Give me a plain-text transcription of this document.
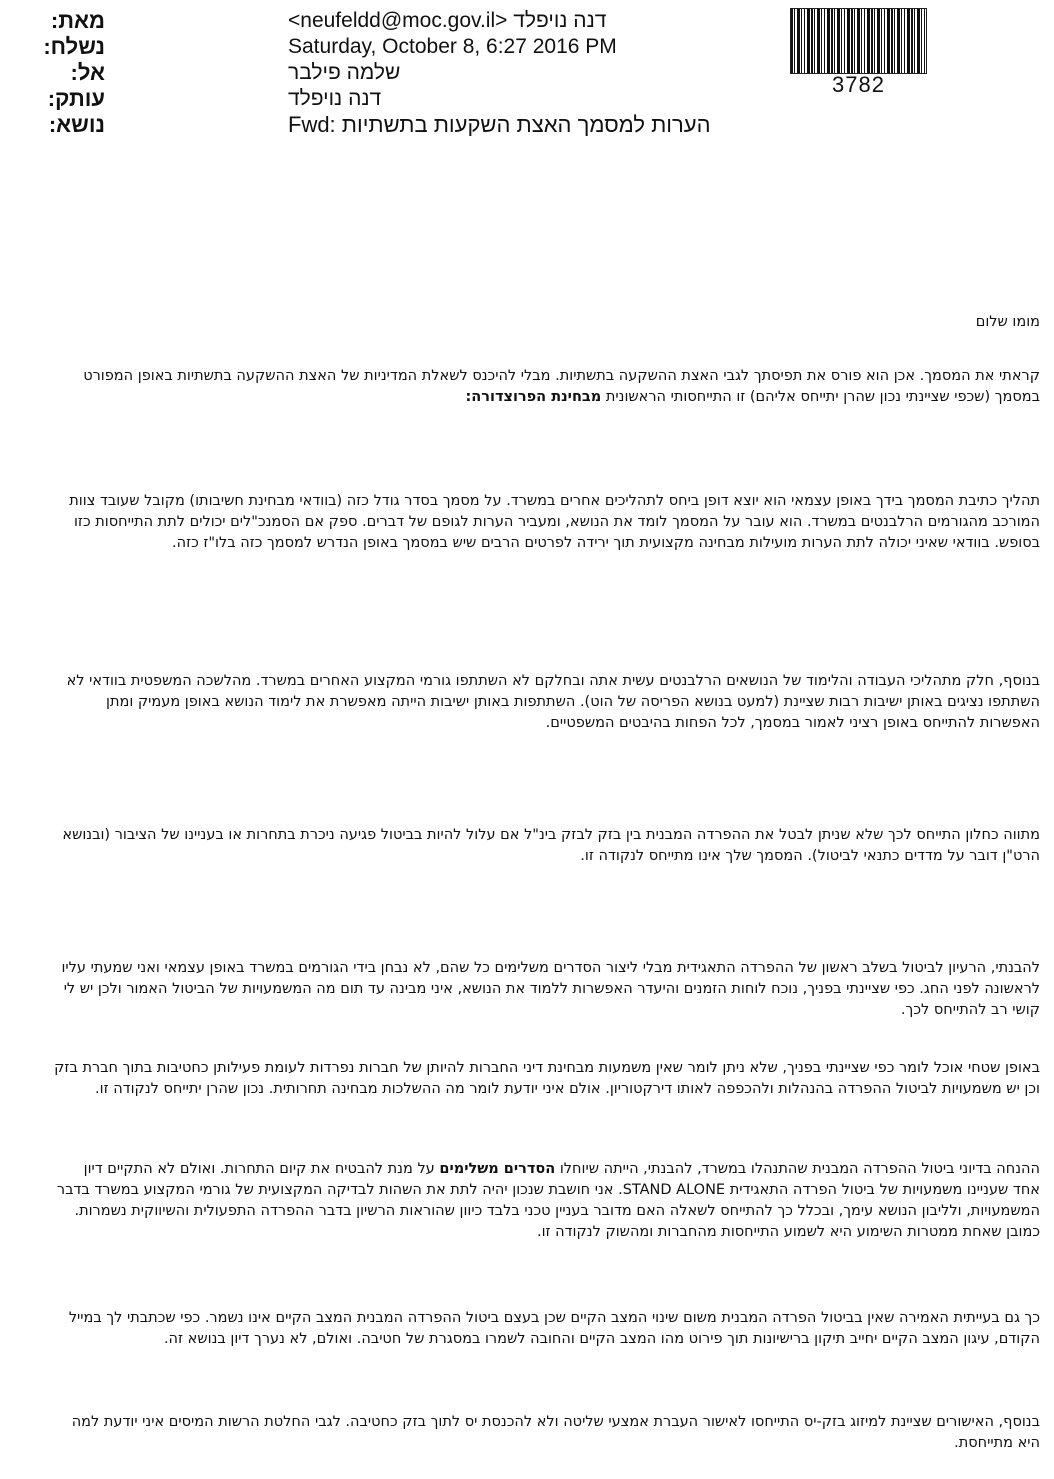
מאת:
נשלח:
אל:
עותק:
נושא:
דנה נויפלד <neufeldd@moc.gov.il>
Saturday, October 8, 6:27 2016 PM
שלמה פילבר
דנה נויפלד
Fwd: הערות למסמך האצת השקעות בתשתיות
3782
מומו שלום
קראתי את המסמך. אכן הוא פורס את תפיסתך לגבי האצת ההשקעה בתשתיות. מבלי להיכנס לשאלת המדיניות של האצת ההשקעה בתשתיות באופן המפורט במסמך (שכפי שציינתי נכון שהרן יתייחס אליהם) זו התייחסותי הראשונית מבחינת הפרוצדורה:
תהליך כתיבת המסמך בידך באופן עצמאי הוא יוצא דופן ביחס לתהליכים אחרים במשרד. על מסמך בסדר גודל כזה (בוודאי מבחינת חשיבותו) מקובל שעובד צוות המורכב מהגורמים הרלבנטים במשרד. הוא עובר על המסמך לומד את הנושא, ומעביר הערות לגופם של דברים. ספק אם הסמנכ"לים יכולים לתת התייחסות כזו בסופש. בוודאי שאיני יכולה לתת הערות מועילות מבחינה מקצועית תוך ירידה לפרטים הרבים שיש במסמך באופן הנדרש למסמך כזה בלו"ז כזה.
בנוסף, חלק מתהליכי העבודה והלימוד של הנושאים הרלבנטים עשית אתה ובחלקם לא השתתפו גורמי המקצוע האחרים במשרד. מהלשכה המשפטית בוודאי לא השתתפו נציגים באותן ישיבות רבות שציינת (למעט בנושא הפריסה של הוט). השתתפות באותן ישיבות הייתה מאפשרת את לימוד הנושא באופן מעמיק ומתן האפשרות להתייחס באופן רציני לאמור במסמך, לכל הפחות בהיבטים המשפטיים.
מתווה כחלון התייחס לכך שלא שניתן לבטל את ההפרדה המבנית בין בזק לבזק בינ"ל אם עלול להיות בביטול פגיעה ניכרת בתחרות או בעניינו של הציבור (ובנושא הרט"ן דובר על מדדים כתנאי לביטול). המסמך שלך אינו מתייחס לנקודה זו.
להבנתי, הרעיון לביטול בשלב ראשון של ההפרדה התאגידית מבלי ליצור הסדרים משלימים כל שהם, לא נבחן בידי הגורמים במשרד באופן עצמאי ואני שמעתי עליו לראשונה לפני החג. כפי שציינתי בפניך, נוכח לוחות הזמנים והיעדר האפשרות ללמוד את הנושא, איני מבינה עד תום מה המשמעויות של הביטול האמור ולכן יש לי קושי רב להתייחס לכך.
באופן שטחי אוכל לומר כפי שציינתי בפניך, שלא ניתן לומר שאין משמעות מבחינת דיני החברות להיותן של חברות נפרדות לעומת פעילותן כחטיבות בתוך חברת בזק וכן יש משמעויות לביטול ההפרדה בהנהלות ולהכפפה לאותו דירקטוריון. אולם איני יודעת לומר מה ההשלכות מבחינה תחרותית. נכון שהרן יתייחס לנקודה זו.
ההנחה בדיוני ביטול ההפרדה המבנית שהתנהלו במשרד, להבנתי, הייתה שיוחלו הסדרים משלימים על מנת להבטיח את קיום התחרות. ואולם לא התקיים דיון אחד שעניינו משמעויות של ביטול הפרדה התאגידית STAND ALONE. אני חושבת שנכון יהיה לתת את השהות לבדיקה המקצועית של גורמי המקצוע במשרד בדבר המשמעויות, ולליבון הנושא עימך, ובכלל כך להתייחס לשאלה האם מדובר בעניין טכני בלבד כיוון שהוראות הרשיון בדבר ההפרדה התפעולית והשיווקית נשמרות. כמובן שאחת ממטרות השימוע היא לשמוע התייחסות מהחברות ומהשוק לנקודה זו.
כך גם בעייתית האמירה שאין בביטול הפרדה המבנית משום שינוי המצב הקיים שכן בעצם ביטול ההפרדה המבנית המצב הקיים אינו נשמר. כפי שכתבתי לך במייל הקודם, עיגון המצב הקיים יחייב תיקון ברישיונות תוך פירוט מהו המצב הקיים והחובה לשמרו במסגרת של חטיבה. ואולם, לא נערך דיון בנושא זה.
בנוסף, האישורים שציינת למיזוג בזק-יס התייחסו לאישור העברת אמצעי שליטה ולא להכנסת יס לתוך בזק כחטיבה. לגבי החלטת הרשות המיסים איני יודעת למה היא מתייחסת.
